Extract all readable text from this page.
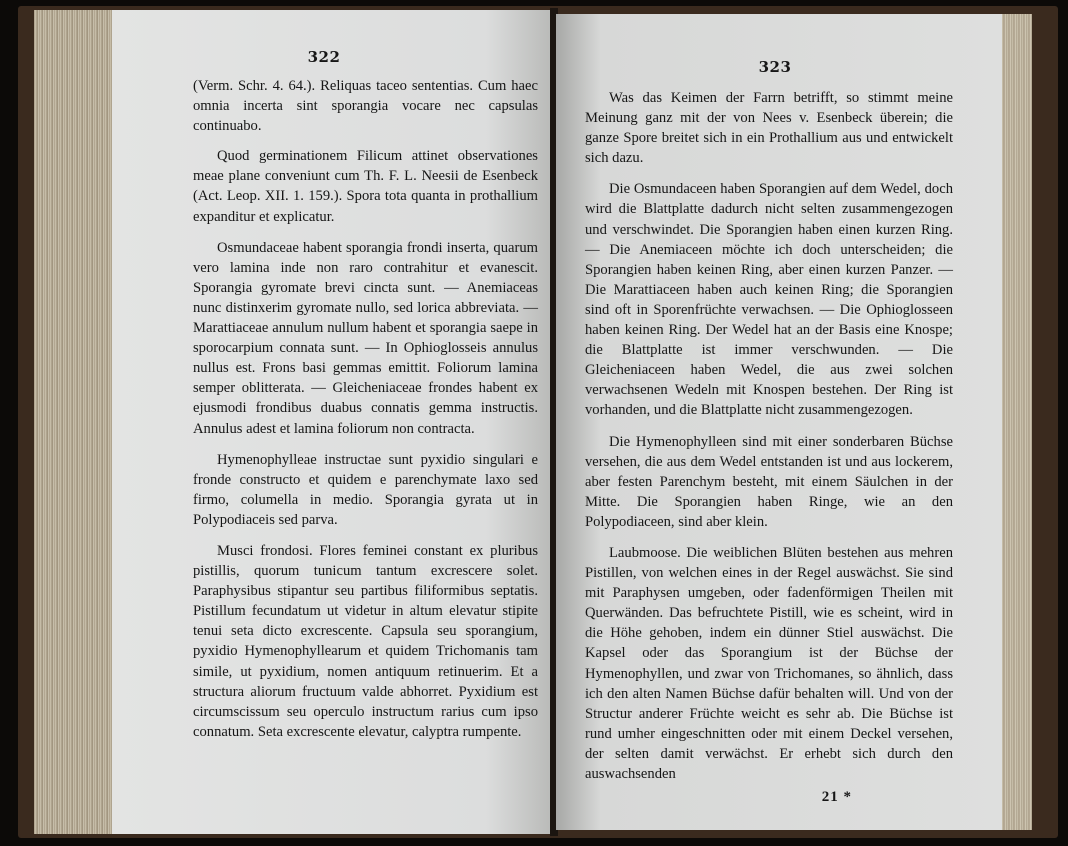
322

(Verm. Schr. 4. 64.). Reliquas taceo sententias. Cum haec omnia incerta sint sporangia vocare nec capsulas continuabo.

Quod germinationem Filicum attinet observationes meae plane conveniunt cum Th. F. L. Neesii de Esenbeck (Act. Leop. XII. 1. 159.). Spora tota quanta in prothallium expanditur et explicatur.

Osmundaceae habent sporangia frondi inserta, quarum vero lamina inde non raro contrahitur et evanescit. Sporangia gyromate brevi cincta sunt. — Anemiaceas nunc distinxerim gyromate nullo, sed lorica abbreviata. — Marattiaceae annulum nullum habent et sporangia saepe in sporocarpium connata sunt. — In Ophioglosseis annulus nullus est. Frons basi gemmas emittit. Foliorum lamina semper oblitterata. — Gleicheniaceae frondes habent ex ejusmodi frondibus duabus connatis gemma instructis. Annulus adest et lamina foliorum non contracta.

Hymenophylleae instructae sunt pyxidio singulari e fronde constructo et quidem e parenchymate laxo sed firmo, columella in medio. Sporangia gyrata ut in Polypodiaceis sed parva.

Musci frondosi. Flores feminei constant ex pluribus pistillis, quorum tunicum tantum excrescere solet. Paraphysibus stipantur seu partibus filiformibus septatis. Pistillum fecundatum ut videtur in altum elevatur stipite tenui seta dicto excrescente. Capsula seu sporangium, pyxidio Hymenophyllearum et quidem Trichomanis tam simile, ut pyxidium, nomen antiquum retinuerim. Et a structura aliorum fructuum valde abhorret. Pyxidium est circumscissum seu operculo instructum rarius cum ipso connatum. Seta excrescente elevatur, calyptra rumpente.

323

Was das Keimen der Farrn betrifft, so stimmt meine Meinung ganz mit der von Nees v. Esenbeck überein; die ganze Spore breitet sich in ein Prothallium aus und entwickelt sich dazu.

Die Osmundaceen haben Sporangien auf dem Wedel, doch wird die Blattplatte dadurch nicht selten zusammengezogen und verschwindet. Die Sporangien haben einen kurzen Ring. — Die Anemiaceen möchte ich doch unterscheiden; die Sporangien haben keinen Ring, aber einen kurzen Panzer. — Die Marattiaceen haben auch keinen Ring; die Sporangien sind oft in Sporenfrüchte verwachsen. — Die Ophioglosseen haben keinen Ring. Der Wedel hat an der Basis eine Knospe; die Blattplatte ist immer verschwunden. — Die Gleicheniaceen haben Wedel, die aus zwei solchen verwachsenen Wedeln mit Knospen bestehen. Der Ring ist vorhanden, und die Blattplatte nicht zusammengezogen.

Die Hymenophylleen sind mit einer sonderbaren Büchse versehen, die aus dem Wedel entstanden ist und aus lockerem, aber festen Parenchym besteht, mit einem Säulchen in der Mitte. Die Sporangien haben Ringe, wie an den Polypodiaceen, sind aber klein.

Laubmoose. Die weiblichen Blüten bestehen aus mehren Pistillen, von welchen eines in der Regel auswächst. Sie sind mit Paraphysen umgeben, oder fadenförmigen Theilen mit Querwänden. Das befruchtete Pistill, wie es scheint, wird in die Höhe gehoben, indem ein dünner Stiel auswächst. Die Kapsel oder das Sporangium ist der Büchse der Hymenophyllen, und zwar von Trichomanes, so ähnlich, dass ich den alten Namen Büchse dafür behalten will. Und von der Structur anderer Früchte weicht es sehr ab. Die Büchse ist rund umher eingeschnitten oder mit einem Deckel versehen, der selten damit verwächst. Er erhebt sich durch den auswachsenden

21 *
